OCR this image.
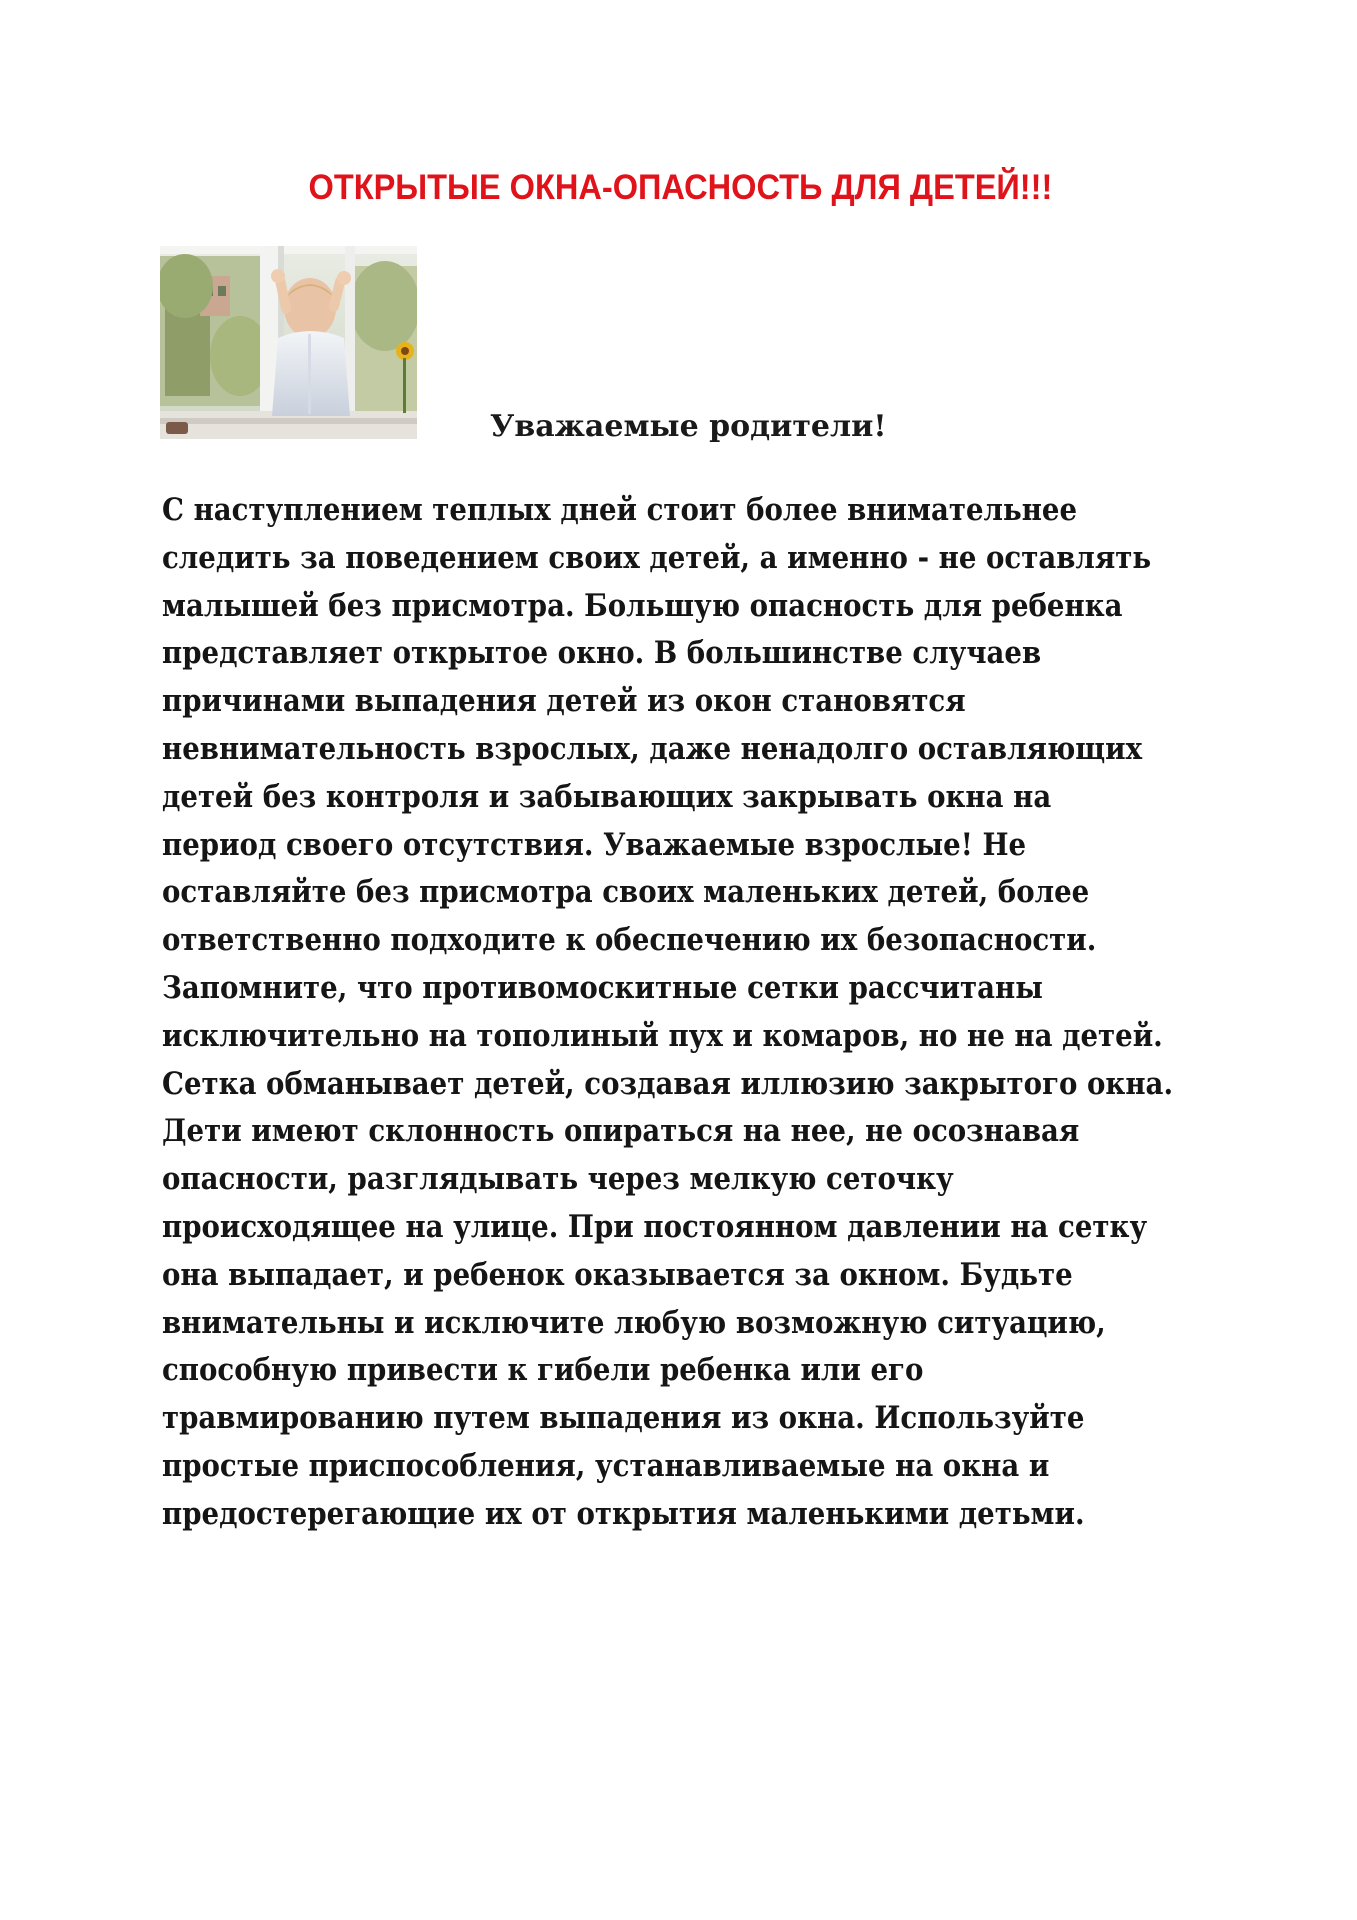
ОТКРЫТЫЕ ОКНА-ОПАСНОСТЬ ДЛЯ ДЕТЕЙ!!!
Уважаемые родители!
С наступлением теплых дней стоит более внимательнее
следить за поведением своих детей, а именно - не оставлять
малышей без присмотра. Большую опасность для ребенка
представляет открытое окно. В большинстве случаев
причинами выпадения детей из окон становятся
невнимательность взрослых, даже ненадолго оставляющих
детей без контроля и забывающих закрывать окна на
период своего отсутствия. Уважаемые взрослые! Не
оставляйте без присмотра своих маленьких детей, более
ответственно подходите к обеспечению их безопасности.
Запомните, что противомоскитные сетки рассчитаны
исключительно на тополиный пух и комаров, но не на детей.
Сетка обманывает детей, создавая иллюзию закрытого окна.
Дети имеют склонность опираться на нее, не осознавая
опасности, разглядывать через мелкую сеточку
происходящее на улице. При постоянном давлении на сетку
она выпадает, и ребенок оказывается за окном. Будьте
внимательны и исключите любую возможную ситуацию,
способную привести к гибели ребенка или его
травмированию путем выпадения из окна. Используйте
простые приспособления, устанавливаемые на окна и
предостерегающие их от открытия маленькими детьми.
